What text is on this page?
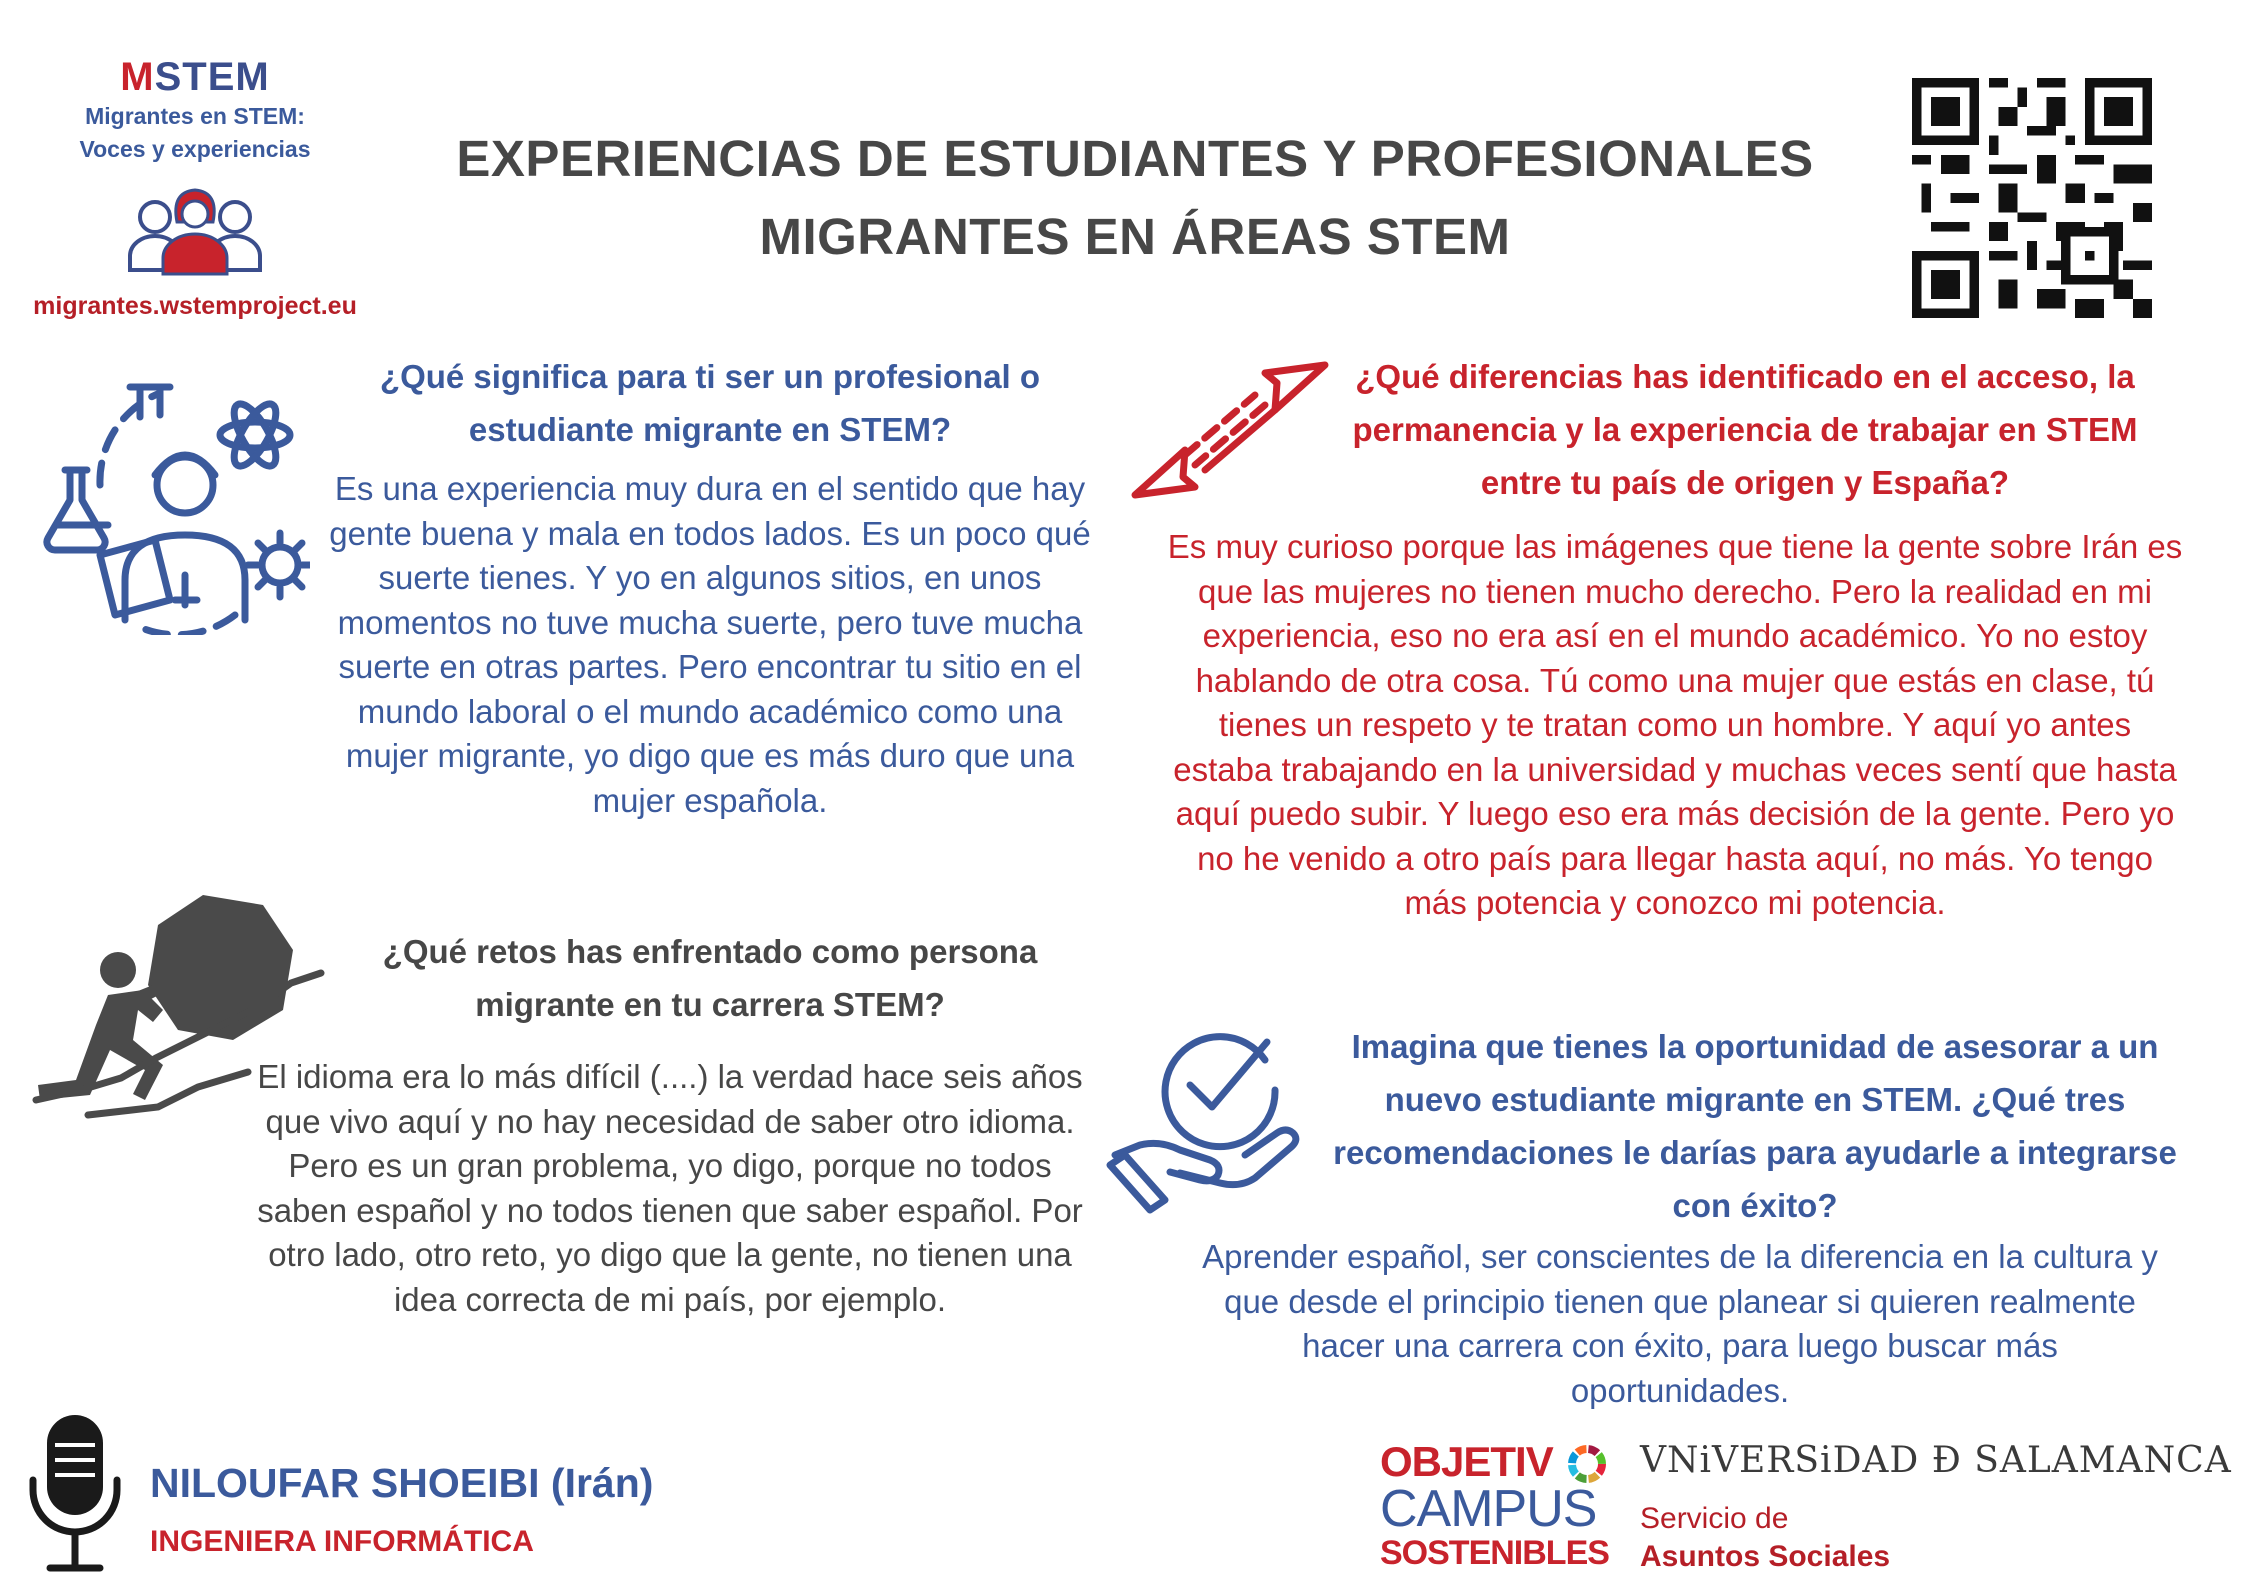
MSTEM
Migrantes en STEM:
Voces y experiencias
migrantes.wstemproject.eu
EXPERIENCIAS DE ESTUDIANTES Y PROFESIONALES
MIGRANTES EN ÁREAS STEM
¿Qué significa para ti ser un profesional o estudiante migrante en STEM?
Es una experiencia muy dura en el sentido que hay gente buena y mala en todos lados. Es un poco qué suerte tienes. Y yo en algunos sitios, en unos momentos no tuve mucha suerte, pero tuve mucha suerte en otras partes. Pero encontrar tu sitio en el mundo laboral o el mundo académico como una mujer migrante, yo digo que es más duro que una mujer española.
¿Qué diferencias has identificado en el acceso, la permanencia y la experiencia de trabajar en STEM entre tu país de origen y España?
Es muy curioso porque las imágenes que tiene la gente sobre Irán es que las mujeres no tienen mucho derecho. Pero la realidad en mi experiencia, eso no era así en el mundo académico. Yo no estoy hablando de otra cosa. Tú como una mujer que estás en clase, tú tienes un respeto y te tratan como un hombre. Y aquí yo antes estaba trabajando en la universidad y muchas veces sentí que hasta aquí puedo subir. Y luego eso era más decisión de la gente. Pero yo no he venido a otro país para llegar hasta aquí, no más. Yo tengo más potencia y conozco mi potencia.
¿Qué retos has enfrentado como persona migrante en tu carrera STEM?
El idioma era lo más difícil (....) la verdad hace seis años que vivo aquí y no hay necesidad de saber otro idioma. Pero es un gran problema, yo digo, porque no todos saben español y no todos tienen que saber español. Por otro lado, otro reto, yo digo que la gente, no tienen una idea correcta de mi país, por ejemplo.
Imagina que tienes la oportunidad de asesorar a un nuevo estudiante migrante en STEM. ¿Qué tres recomendaciones le darías para ayudarle a integrarse con éxito?
Aprender español, ser conscientes de la diferencia en la cultura y que desde el principio tienen que planear si quieren realmente hacer una carrera con éxito, para luego buscar más oportunidades.
NILOUFAR SHOEIBI (Irán)
INGENIERA INFORMÁTICA
OBJETIV
CAMPUS
SOSTENIBLES
VNiVERSiDAD Đ SALAMANCA
Servicio de
Asuntos Sociales
